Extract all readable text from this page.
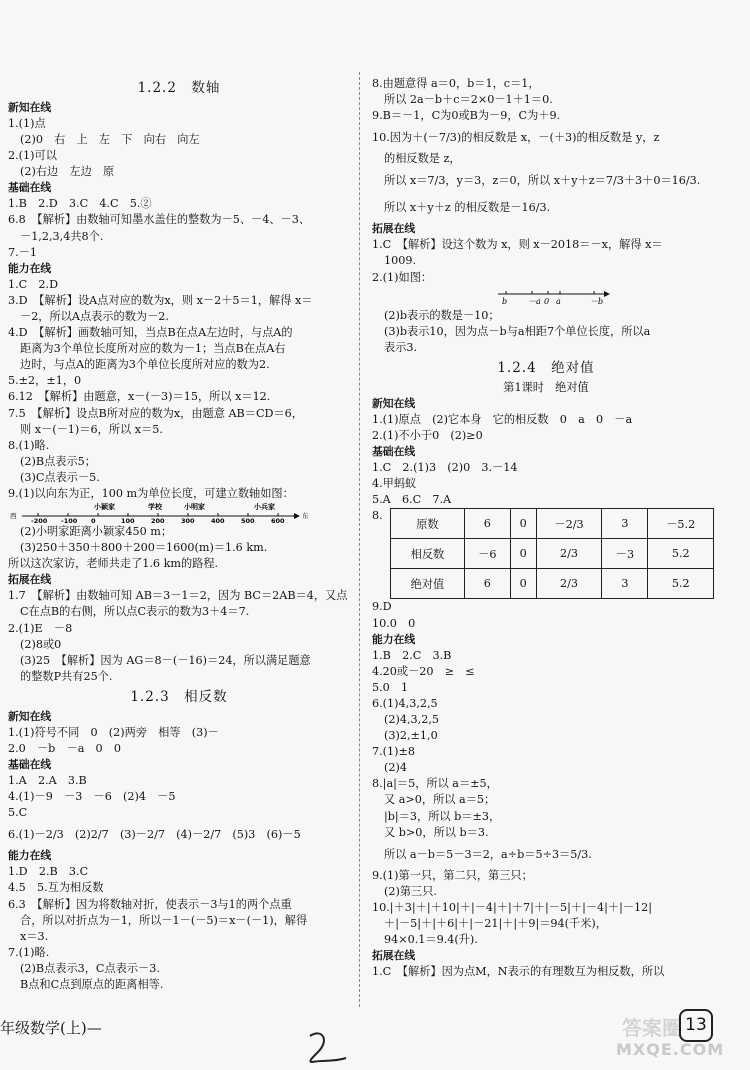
1.2.2　数轴
新知在线
1.(1)点
(2)0　右　上　左　下　向右　向左
2.(1)可以
(2)右边　左边　原
基础在线
1.B　2.D　3.C　4.C　5.②
6.8　【解析】由数轴可知墨水盖住的整数为－5、－4、－3、
－1,2,3,4共8个.
7.－1
能力在线
1.C　2.D
3.D　【解析】设A点对应的数为x，则 x－2＋5＝1，解得 x＝
－2，所以A点表示的数为－2.
4.D　【解析】画数轴可知，当点B在点A左边时，与点A的
距离为3个单位长度所对应的数为－1；当点B在点A右
边时，与点A的距离为3个单位长度所对应的数为2.
5.±2，±1，0
6.12　【解析】由题意，x－(－3)＝15，所以 x＝12.
7.5　【解析】设点B所对应的数为x，由题意 AB＝CD＝6，
则 x－(－1)＝6，所以 x＝5.
8.(1)略.
(2)B点表示5；
(3)C点表示－5.
9.(1)以向东为正，100 m为单位长度，可建立数轴如图：
西	东
-200 -100 0	100	200	300	400	500	600
小颖家	学校	小明家	小兵家
(2)小明家距离小颖家450 m；
(3)250＋350＋800＋200＝1600(m)＝1.6 km.
所以这次家访，老师共走了1.6 km的路程.
拓展在线
1.7　【解析】由数轴可知 AB＝3－1＝2，因为 BC＝2AB＝4，又点
C在点B的右侧，所以点C表示的数为3＋4＝7.
2.(1)E　－8
(2)8或0
(3)25　【解析】因为 AG＝8－(－16)＝24，所以满足题意
的整数P共有25个.
1.2.3　相反数
新知在线
1.(1)符号不同　0　(2)两旁　相等　(3)－
2.0　－b　－a　0　0
基础在线
1.A　2.A　3.B
4.(1)－9　－3　－6　(2)4　－5
5.C
6.(1)－2/3　(2)2/7　(3)－2/7　(4)－2/7　(5)3　(6)－5
能力在线
1.D　2.B　3.C
4.5　5.互为相反数
6.3　【解析】因为将数轴对折，使表示－3与1的两个点重
合，所以对折点为－1，所以－1－(－5)＝x－(－1)，解得
x＝3.
7.(1)略.
(2)B点表示3，C点表示－3.
B点和C点到原点的距离相等.
8.由题意得 a＝0，b＝1，c＝1，
所以 2a－b＋c＝2×0－1＋1＝0.
9.B＝－1，C为0或B为－9，C为＋9.
10.因为＋(－7/3)的相反数是 x，－(＋3)的相反数是 y，z
的相反数是 z，
所以 x＝7/3，y＝3，z＝0，所以 x＋y＋z＝7/3＋3＋0＝16/3.
所以 x＋y＋z 的相反数是－16/3.
拓展在线
1.C　【解析】设这个数为 x，则 x－2018＝－x，解得 x＝
1009.
2.(1)如图：
b	－a 0 a	－b
(2)b表示的数是－10；
(3)b表示10，因为点－b与a相距7个单位长度，所以a
表示3.
1.2.4　绝对值
第1课时　绝对值
新知在线
1.(1)原点　(2)它本身　它的相反数　0　a　0　－a
2.(1)不小于0　(2)≥0
基础在线
1.C　2.(1)3　(2)0　3.－14
4.甲蚂蚁
5.A　6.C　7.A
8.
原数	6	0	－2/3	3	－5.2
相反数	－6	0	2/3	－3	5.2
绝对值	6	0	2/3	3	5.2
9.D
10.0　0
能力在线
1.B　2.C　3.B
4.20或－20　≥　≤
5.0　1
6.(1)4,3,2,5
(2)4,3,2,5
(3)2,±1,0
7.(1)±8
(2)4
8.|a|＝5，所以 a＝±5，
又 a>0，所以 a＝5；
|b|＝3，所以 b＝±3，
又 b>0，所以 b＝3.
所以 a－b＝5－3＝2，a÷b＝5÷3＝5/3.
9.(1)第一只，第二只，第三只；
(2)第三只.
10.|＋3|＋|＋10|＋|－4|＋|＋7|＋|－5|＋|－4|＋|－12|
＋|－5|＋|＋6|＋|－21|＋|＋9|＝94(千米)，
94×0.1＝9.4(升).
拓展在线
1.C　【解析】因为点M，N表示的有理数互为相反数，所以
年级数学(上)—	答案圈 13
MXQE.COM
